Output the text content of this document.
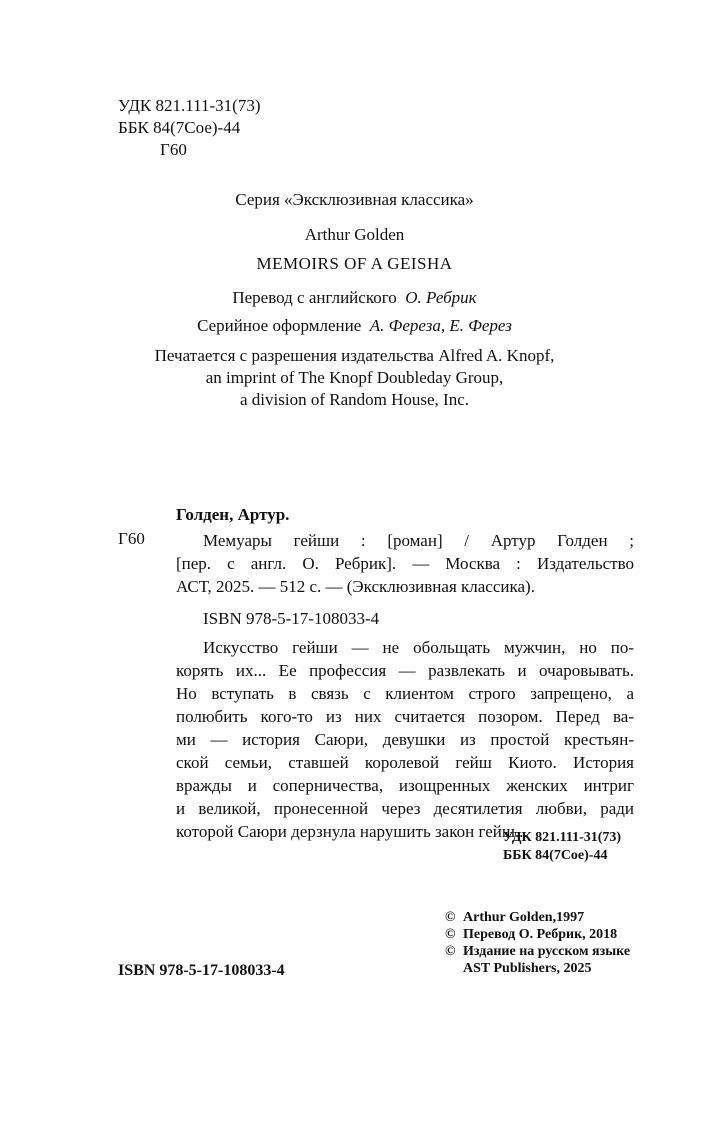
УДК 821.111-31(73)
ББК 84(7Сое)-44
Г60
Серия «Эксклюзивная классика»
Arthur Golden
MEMOIRS OF A GEISHA
Перевод с английского О. Ребрик
Серийное оформление А. Фереза, Е. Ферез
Печатается с разрешения издательства Alfred A. Knopf,
an imprint of The Knopf Doubleday Group,
a division of Random House, Inc.
Голден, Артур.
Г60	Мемуары гейши : [роман] / Артур Голден ;
[пер. с англ. О. Ребрик]. — Москва : Издательство
АСТ, 2025. — 512 с. — (Эксклюзивная классика).
ISBN 978-5-17-108033-4
Искусство гейши — не обольщать мужчин, но по-
корять их... Ее профессия — развлекать и очаровывать.
Но вступать в связь с клиентом строго запрещено, а
полюбить кого-то из них считается позором. Перед ва-
ми — история Саюри, девушки из простой крестьян-
ской семьи, ставшей королевой гейш Киото. История
вражды и соперничества, изощренных женских интриг
и великой, пронесенной через десятилетия любви, ради
которой Саюри дерзнула нарушить закон гейш...
УДК 821.111-31(73)
ББК 84(7Сое)-44
© Arthur Golden,1997
© Перевод О. Ребрик, 2018
© Издание на русском языке
AST Publishers, 2025
ISBN 978-5-17-108033-4
